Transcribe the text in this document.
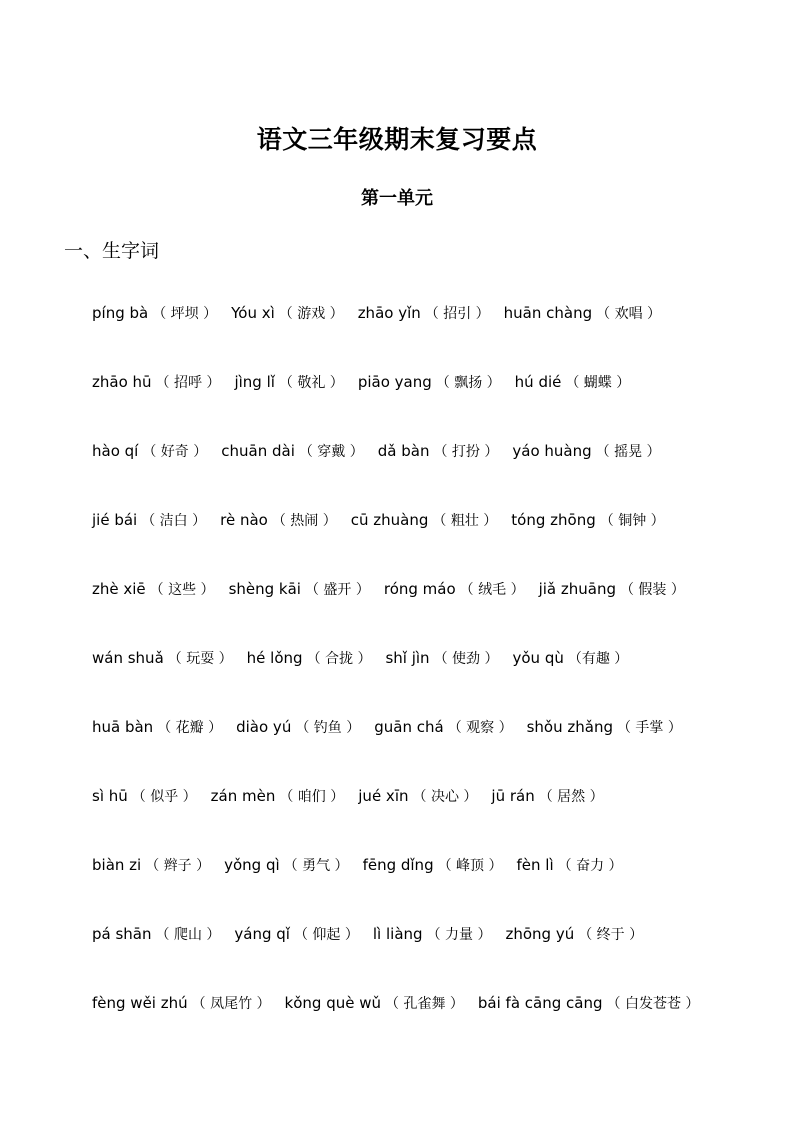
语文三年级期末复习要点
第一单元
一、生字词
píng bà （ 坪坝 ） Yóu xì （ 游戏 ） zhāo yǐn （ 招引 ） huān chàng （ 欢唱 ）
zhāo hū （ 招呼 ） jìng lǐ （ 敬礼 ） piāo yang （ 飘扬 ） hú dié （ 蝴蝶 ）
hào qí （ 好奇 ） chuān dài （ 穿戴 ） dǎ bàn （ 打扮 ） yáo huàng （ 摇晃 ）
jié bái （ 洁白 ） rè nào （ 热闹 ） cū zhuàng （ 粗壮 ） tóng zhōng （ 铜钟 ）
zhè xiē （ 这些 ） shèng kāi （ 盛开 ） róng máo （ 绒毛 ） jiǎ zhuāng （ 假装 ）
wán shuǎ （ 玩耍 ） hé lǒng （ 合拢 ） shǐ jìn （ 使劲 ） yǒu qù （有趣 ）
huā bàn （ 花瓣 ） diào yú （ 钓鱼 ） guān chá （ 观察 ） shǒu zhǎng （ 手掌 ）
sì hū （ 似乎 ） zán mèn （ 咱们 ） jué xīn （ 决心 ） jū rán （ 居然 ）
biàn zi （ 辫子 ） yǒng qì （ 勇气 ） fēng dǐng （ 峰顶 ） fèn lì （ 奋力 ）
pá shān （ 爬山 ） yáng qǐ （ 仰起 ） lì liàng （ 力量 ） zhōng yú （ 终于 ）
fèng wěi zhú （ 凤尾竹 ） kǒng què wǔ （ 孔雀舞 ） bái fà cāng cāng （ 白发苍苍 ）
